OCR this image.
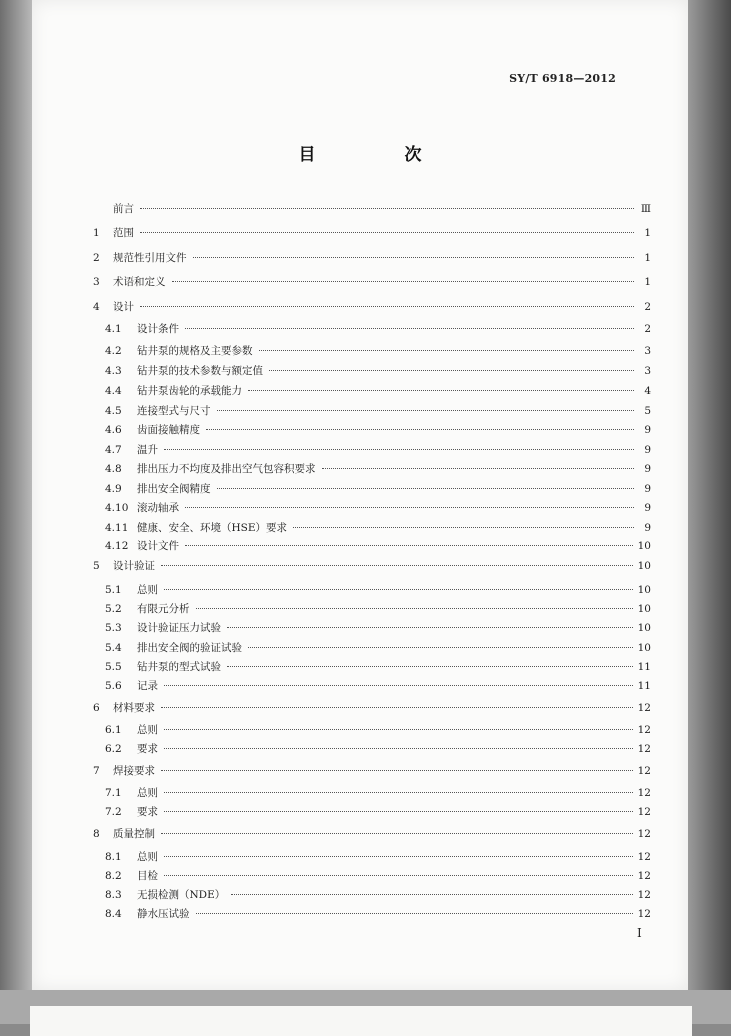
SY/T 6918—2012
目　次
前言	Ⅲ
1	范围	1
2	规范性引用文件	1
3	术语和定义	1
4	设计	2
4.1	设计条件	2
4.2	钻井泵的规格及主要参数	3
4.3	钻井泵的技术参数与额定值	3
4.4	钻井泵齿轮的承载能力	4
4.5	连接型式与尺寸	5
4.6	齿面接触精度	9
4.7	温升	9
4.8	排出压力不均度及排出空气包容积要求	9
4.9	排出安全阀精度	9
4.10 滚动轴承	9
4.11 健康、安全、环境（HSE）要求	9
4.12 设计文件	10
5	设计验证	10
5.1	总则	10
5.2	有限元分析	10
5.3	设计验证压力试验	10
5.4	排出安全阀的验证试验	10
5.5	钻井泵的型式试验	11
5.6	记录	11
6	材料要求	12
6.1	总则	12
6.2	要求	12
7	焊接要求	12
7.1	总则	12
7.2	要求	12
8	质量控制	12
8.1	总则	12
8.2	目检	12
8.3	无损检测（NDE）	12
8.4	静水压试验	12
Ⅰ
